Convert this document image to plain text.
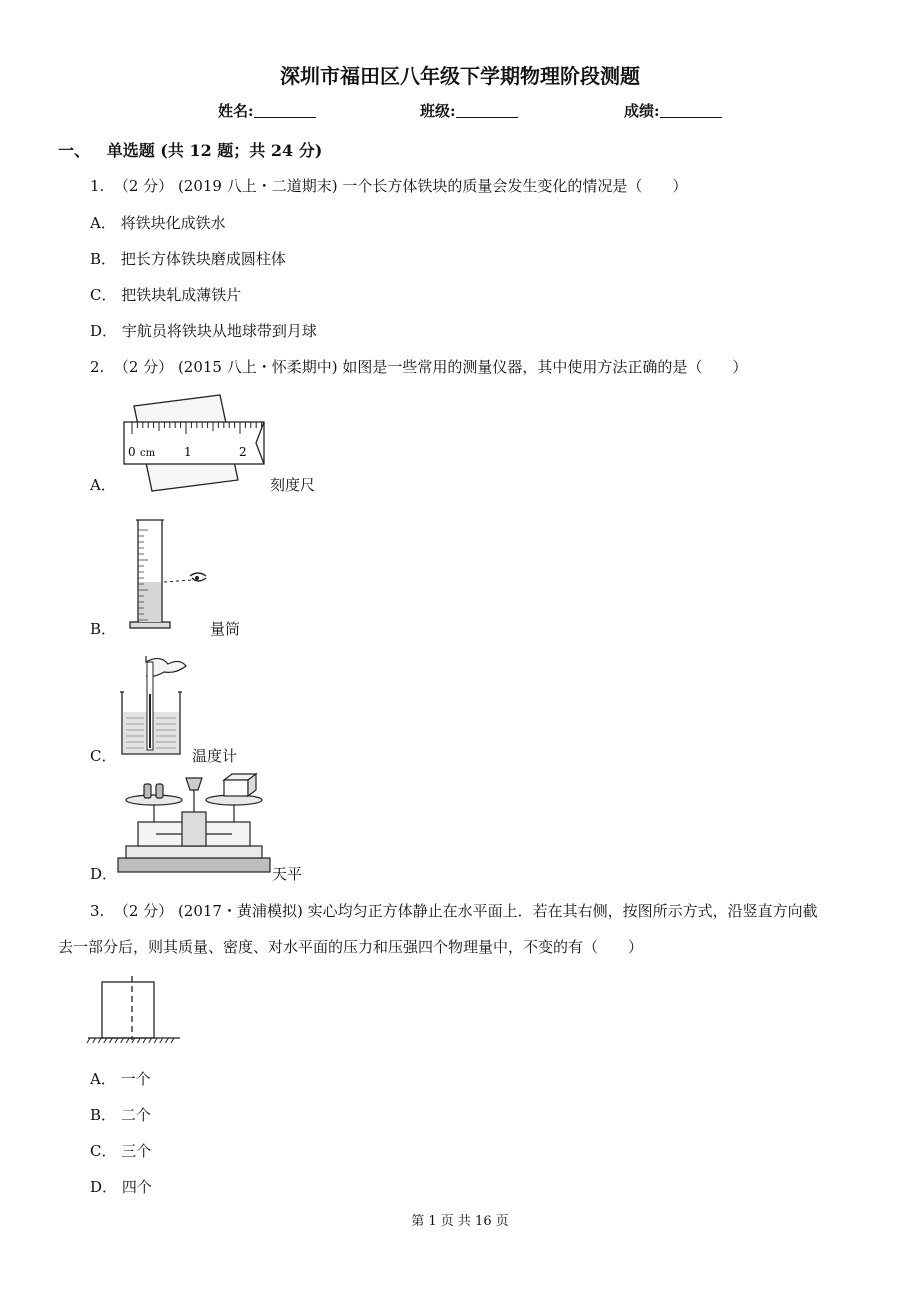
深圳市福田区八年级下学期物理阶段测题
姓名:	班级:	成绩:
一、 单选题 (共 12 题；共 24 分)
1. （2 分） (2019 八上・二道期末) 一个长方体铁块的质量会发生变化的情况是（　　）
A． 将铁块化成铁水
B． 把长方体铁块磨成圆柱体
C． 把铁块轧成薄铁片
D． 宇航员将铁块从地球带到月球
2. （2 分） (2015 八上・怀柔期中) 如图是一些常用的测量仪器，其中使用方法正确的是（　　）
0 cm 1	2
A．	刻度尺
B．	量筒
C．	温度计
D．	天平
3. （2 分） (2017・黄浦模拟) 实心均匀正方体静止在水平面上．若在其右侧，按图所示方式，沿竖直方向截
去一部分后，则其质量、密度、对水平面的压力和压强四个物理量中，不变的有（　　）
A． 一个
B． 二个
C． 三个
D． 四个
第 1 页 共 16 页
